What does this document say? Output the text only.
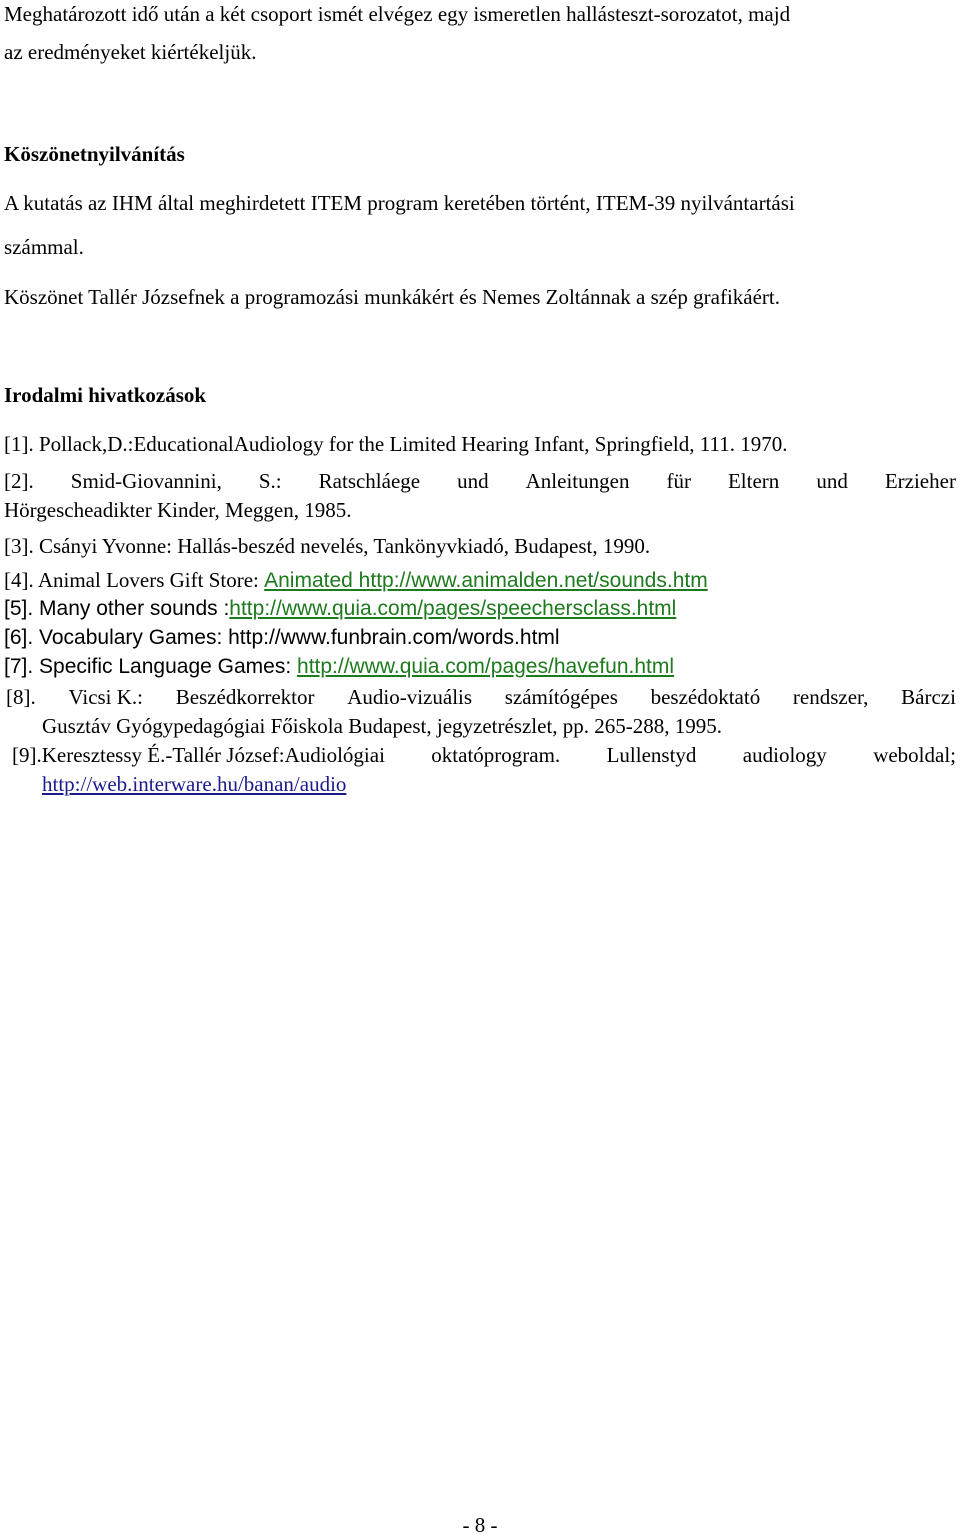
Meghatározott idő után a két csoport ismét elvégez egy ismeretlen hallásteszt-sorozatot, majd
az eredményeket kiértékeljük.
Köszönetnyilvánítás
A kutatás az IHM által meghirdetett ITEM program keretében történt, ITEM-39 nyilvántartási
számmal.
Köszönet Tallér Józsefnek a programozási munkákért és Nemes Zoltánnak a szép grafikáért.
Irodalmi hivatkozások
[1]. Pollack,D.:EducationalAudiology for the Limited Hearing Infant, Springfield, 111. 1970.
[2]. Smid-Giovannini, S.: Ratschláege und Anleitungen für Eltern und Erzieher
Hörgescheadikter Kinder, Meggen, 1985.
[3]. Csányi Yvonne: Hallás-beszéd nevelés, Tankönyvkiadó, Budapest, 1990.
[4]. Animal Lovers Gift Store: Animated http://www.animalden.net/sounds.htm
[5]. Many other sounds :http://www.quia.com/pages/speechersclass.html
[6]. Vocabulary Games: http://www.funbrain.com/words.html
[7]. Specific Language Games: http://www.quia.com/pages/havefun.html
[8]. Vicsi K.: Beszédkorrektor Audio-vizuális számítógépes beszédoktató rendszer, Bárczi
Gusztáv Gyógypedagógiai Főiskola Budapest, jegyzetrészlet, pp. 265-288, 1995.
[9].Keresztessy É.-Tallér József:Audiológiai oktatóprogram. Lullenstyd audiology weboldal;
http://web.interware.hu/banan/audio
- 8 -
